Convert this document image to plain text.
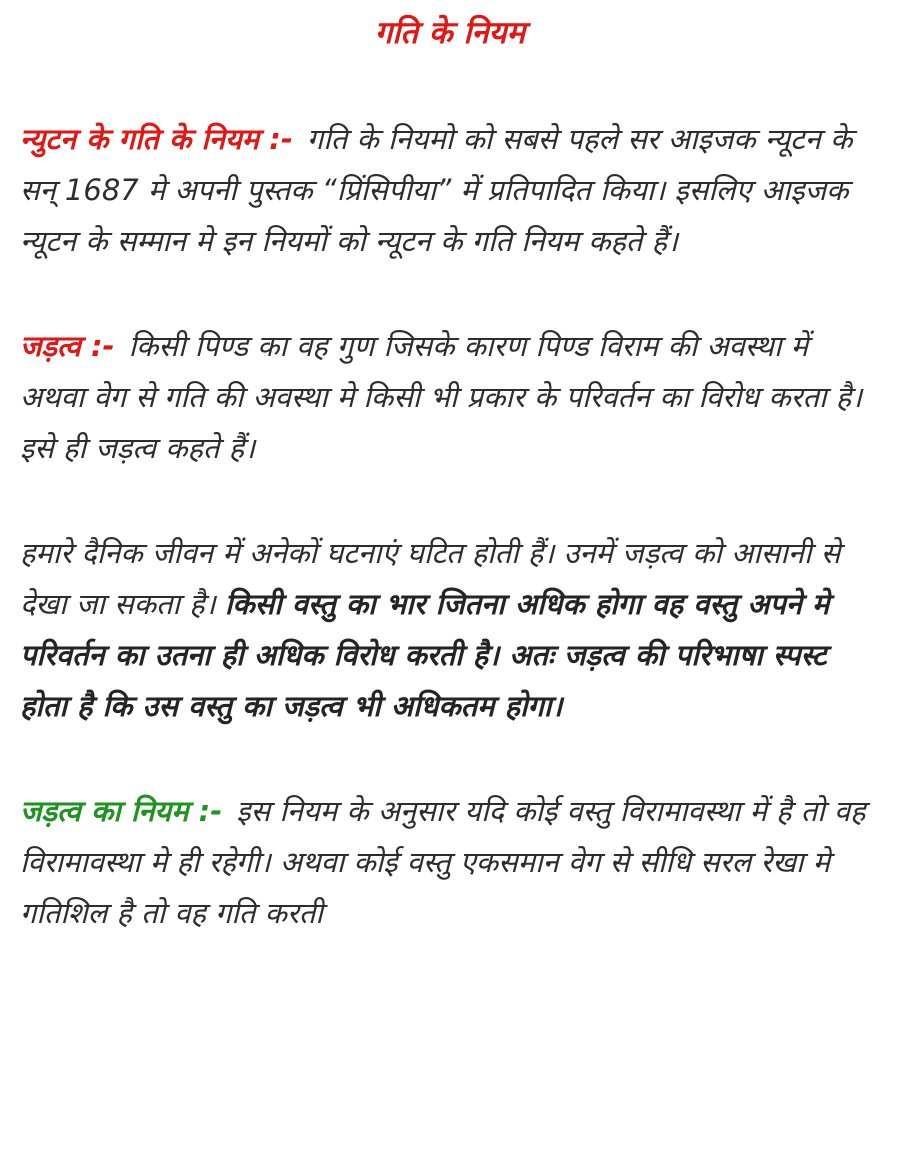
गति के नियम

न्युटन के गति के नियम :- गति के नियमो को सबसे पहले सर आइजक न्यूटन के सन् 1687 मे अपनी पुस्तक “प्रिंसिपीया” में प्रतिपादित किया। इसलिए आइजक न्यूटन के सम्मान मे इन नियमों को न्यूटन के गति नियम कहते हैं।

जड़त्व :- किसी पिण्ड का वह गुण जिसके कारण पिण्ड विराम की अवस्था में अथवा वेग से गति की अवस्था मे किसी भी प्रकार के परिवर्तन का विरोध करता है। इसे ही जड़त्व कहते हैं।

हमारे दैनिक जीवन में अनेकों घटनाएं घटित होती हैं। उनमें जड़त्व को आसानी से देखा जा सकता है। किसी वस्तु का भार जितना अधिक होगा वह वस्तु अपने मे परिवर्तन का उतना ही अधिक विरोध करती है। अतः जड़त्व की परिभाषा स्पस्ट होता है कि उस वस्तु का जड़त्व भी अधिकतम होगा।

जड़त्व का नियम :- इस नियम के अनुसार यदि कोई वस्तु विरामावस्था में है तो वह विरामावस्था मे ही रहेगी। अथवा कोई वस्तु एकसमान वेग से सीधि सरल रेखा मे गतिशिल है तो वह गति करती
